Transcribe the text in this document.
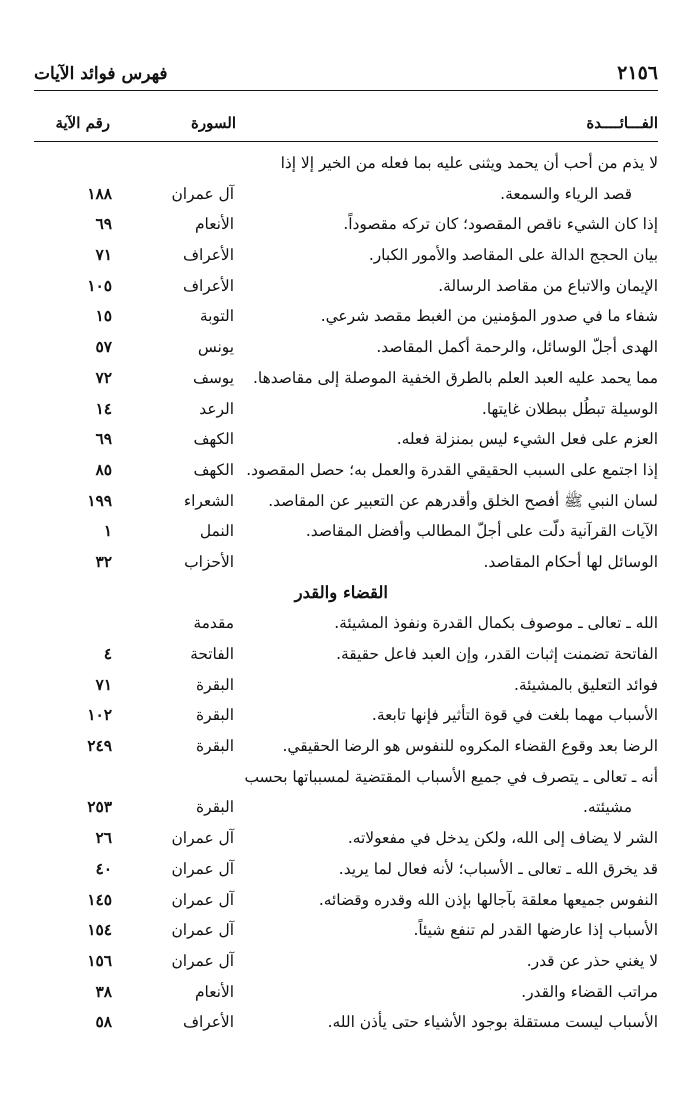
٢١٥٦
فهرس فوائد الآيات
الفـــائــــدة
السورة
رقم الآية
لا يذم من أحب أن يحمد ويثنى عليه بما فعله من الخير إلا إذا
قصد الرياء والسمعة.
آل عمران
١٨٨
إذا كان الشيء ناقص المقصود؛ كان تركه مقصوداً.
الأنعام
٦٩
بيان الحجج الدالة على المقاصد والأمور الكبار.
الأعراف
٧١
الإيمان والاتباع من مقاصد الرسالة.
الأعراف
١٠٥
شفاء ما في صدور المؤمنين من الغبط مقصد شرعي.
التوبة
١٥
الهدى أجلّ الوسائل، والرحمة أكمل المقاصد.
يونس
٥٧
مما يحمد عليه العبد العلم بالطرق الخفية الموصلة إلى مقاصدها.
يوسف
٧٢
الوسيلة تبطُل ببطلان غايتها.
الرعد
١٤
العزم على فعل الشيء ليس بمنزلة فعله.
الكهف
٦٩
إذا اجتمع على السبب الحقيقي القدرة والعمل به؛ حصل المقصود.
الكهف
٨٥
لسان النبي ﷺ أفصح الخلق وأقدرهم عن التعبير عن المقاصد.
الشعراء
١٩٩
الآيات القرآنية دلّت على أجلّ المطالب وأفضل المقاصد.
النمل
١
الوسائل لها أحكام المقاصد.
الأحزاب
٣٢
القضاء والقدر
الله ـ تعالى ـ موصوف بكمال القدرة ونفوذ المشيئة.
مقدمة
الفاتحة تضمنت إثبات القدر، وإن العبد فاعل حقيقة.
الفاتحة
٤
فوائد التعليق بالمشيئة.
البقرة
٧١
الأسباب مهما بلغت في قوة التأثير فإنها تابعة.
البقرة
١٠٢
الرضا بعد وقوع القضاء المكروه للنفوس هو الرضا الحقيقي.
البقرة
٢٤٩
أنه ـ تعالى ـ يتصرف في جميع الأسباب المقتضية لمسبباتها بحسب
مشيئته.
البقرة
٢٥٣
الشر لا يضاف إلى الله، ولكن يدخل في مفعولاته.
آل عمران
٢٦
قد يخرق الله ـ تعالى ـ الأسباب؛ لأنه فعال لما يريد.
آل عمران
٤٠
النفوس جميعها معلقة بآجالها بإذن الله وقدره وقضائه.
آل عمران
١٤٥
الأسباب إذا عارضها القدر لم تنفع شيئاً.
آل عمران
١٥٤
لا يغني حذر عن قدر.
آل عمران
١٥٦
مراتب القضاء والقدر.
الأنعام
٣٨
الأسباب ليست مستقلة بوجود الأشياء حتى يأذن الله.
الأعراف
٥٨
